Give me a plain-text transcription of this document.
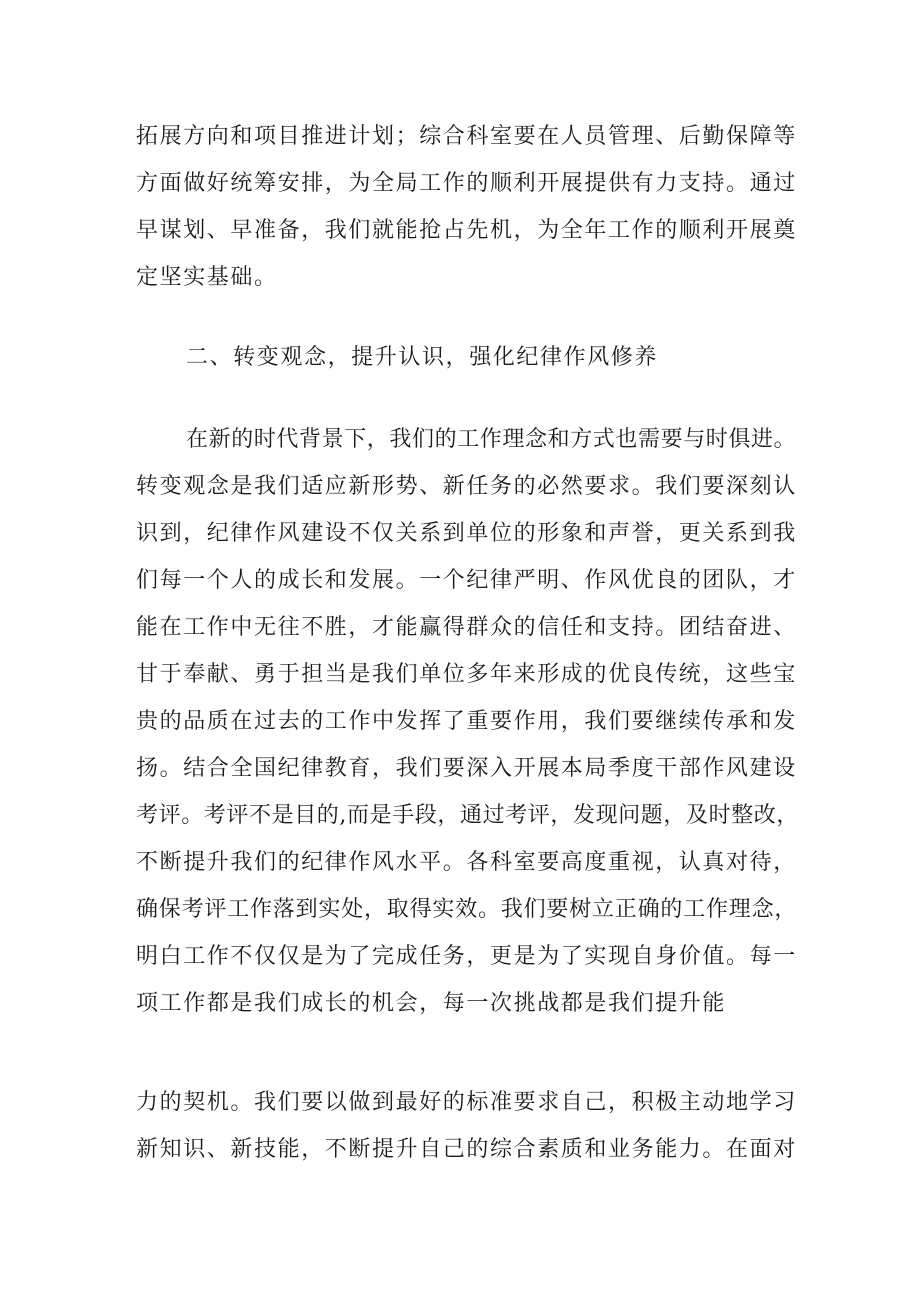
拓展方向和项目推进计划；综合科室要在人员管理、后勤保障等
方面做好统筹安排，为全局工作的顺利开展提供有力支持。通过
早谋划、早准备，我们就能抢占先机，为全年工作的顺利开展奠
定坚实基础。
二、转变观念，提升认识，强化纪律作风修养
在新的时代背景下，我们的工作理念和方式也需要与时俱进。
转变观念是我们适应新形势、新任务的必然要求。我们要深刻认
识到，纪律作风建设不仅关系到单位的形象和声誉，更关系到我
们每一个人的成长和发展。一个纪律严明、作风优良的团队，才
能在工作中无往不胜，才能赢得群众的信任和支持。团结奋进、
甘于奉献、勇于担当是我们单位多年来形成的优良传统，这些宝
贵的品质在过去的工作中发挥了重要作用，我们要继续传承和发
扬。结合全国纪律教育，我们要深入开展本局季度干部作风建设
考评。考评不是目的,而是手段，通过考评，发现问题，及时整改，
不断提升我们的纪律作风水平。各科室要高度重视，认真对待，
确保考评工作落到实处，取得实效。我们要树立正确的工作理念，
明白工作不仅仅是为了完成任务，更是为了实现自身价值。每一
项工作都是我们成长的机会，每一次挑战都是我们提升能
力的契机。我们要以做到最好的标准要求自己，积极主动地学习
新知识、新技能，不断提升自己的综合素质和业务能力。在面对
